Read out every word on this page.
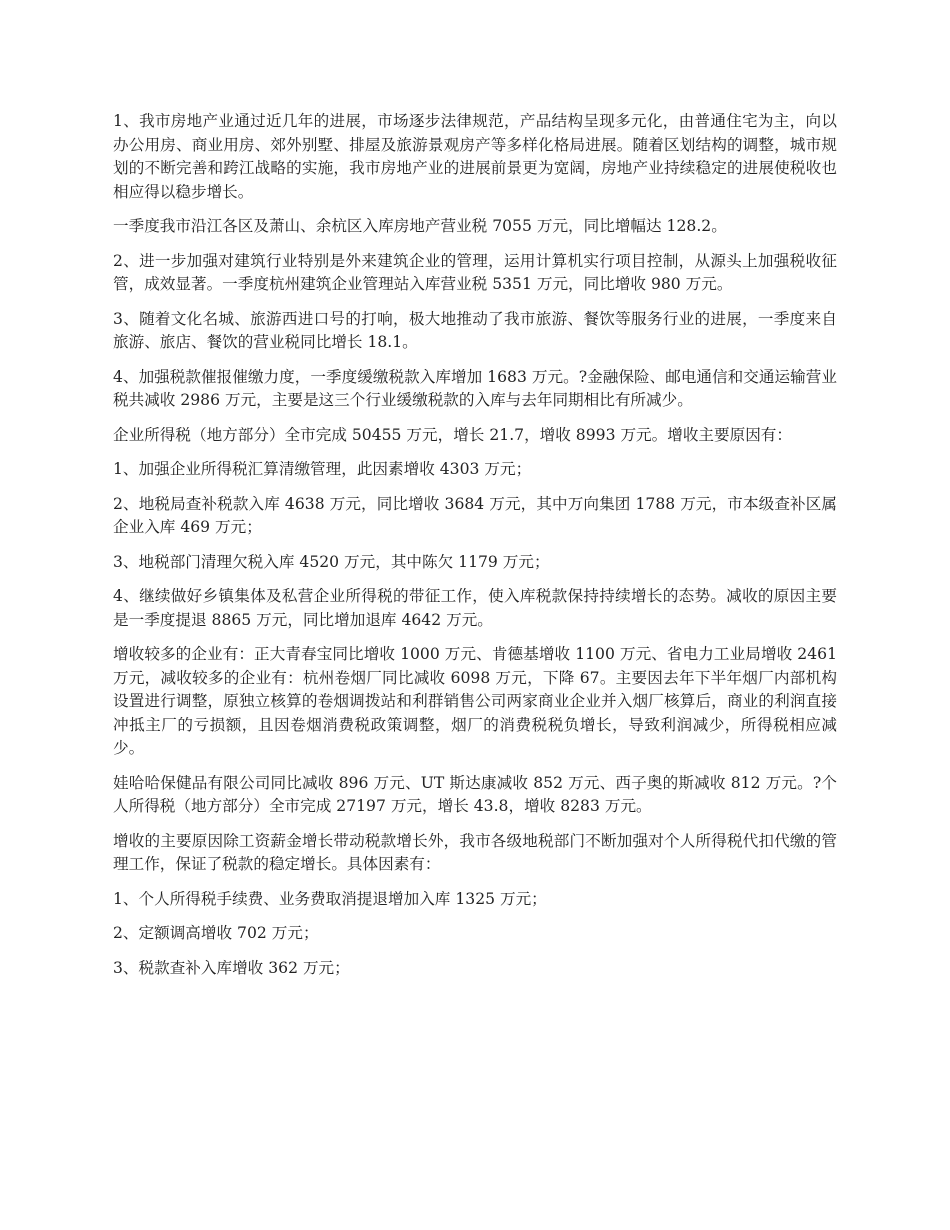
1、我市房地产业通过近几年的进展，市场逐步法律规范，产品结构呈现多元化，由普通住宅为主，向以办公用房、商业用房、郊外别墅、排屋及旅游景观房产等多样化格局进展。随着区划结构的调整，城市规划的不断完善和跨江战略的实施，我市房地产业的进展前景更为宽阔，房地产业持续稳定的进展使税收也相应得以稳步增长。

一季度我市沿江各区及萧山、余杭区入库房地产营业税 7055 万元，同比增幅达 128.2。

2、进一步加强对建筑行业特别是外来建筑企业的管理，运用计算机实行项目控制，从源头上加强税收征管，成效显著。一季度杭州建筑企业管理站入库营业税 5351 万元，同比增收 980 万元。

3、随着文化名城、旅游西进口号的打响，极大地推动了我市旅游、餐饮等服务行业的进展，一季度来自旅游、旅店、餐饮的营业税同比增长 18.1。

4、加强税款催报催缴力度，一季度缓缴税款入库增加 1683 万元。?金融保险、邮电通信和交通运输营业税共减收 2986 万元，主要是这三个行业缓缴税款的入库与去年同期相比有所减少。

企业所得税（地方部分）全市完成 50455 万元，增长 21.7，增收 8993 万元。增收主要原因有：

1、加强企业所得税汇算清缴管理，此因素增收 4303 万元；

2、地税局查补税款入库 4638 万元，同比增收 3684 万元，其中万向集团 1788 万元，市本级查补区属企业入库 469 万元；

3、地税部门清理欠税入库 4520 万元，其中陈欠 1179 万元；

4、继续做好乡镇集体及私营企业所得税的带征工作，使入库税款保持持续增长的态势。减收的原因主要是一季度提退 8865 万元，同比增加退库 4642 万元。

增收较多的企业有：正大青春宝同比增收 1000 万元、肯德基增收 1100 万元、省电力工业局增收 2461 万元，减收较多的企业有：杭州卷烟厂同比减收 6098 万元，下降 67。主要因去年下半年烟厂内部机构设置进行调整，原独立核算的卷烟调拨站和利群销售公司两家商业企业并入烟厂核算后，商业的利润直接冲抵主厂的亏损额，且因卷烟消费税政策调整，烟厂的消费税税负增长，导致利润减少，所得税相应减少。

娃哈哈保健品有限公司同比减收 896 万元、UT 斯达康减收 852 万元、西子奥的斯减收 812 万元。?个人所得税（地方部分）全市完成 27197 万元，增长 43.8，增收 8283 万元。

增收的主要原因除工资薪金增长带动税款增长外，我市各级地税部门不断加强对个人所得税代扣代缴的管理工作，保证了税款的稳定增长。具体因素有：

1、个人所得税手续费、业务费取消提退增加入库 1325 万元；

2、定额调高增收 702 万元；

3、税款查补入库增收 362 万元；
